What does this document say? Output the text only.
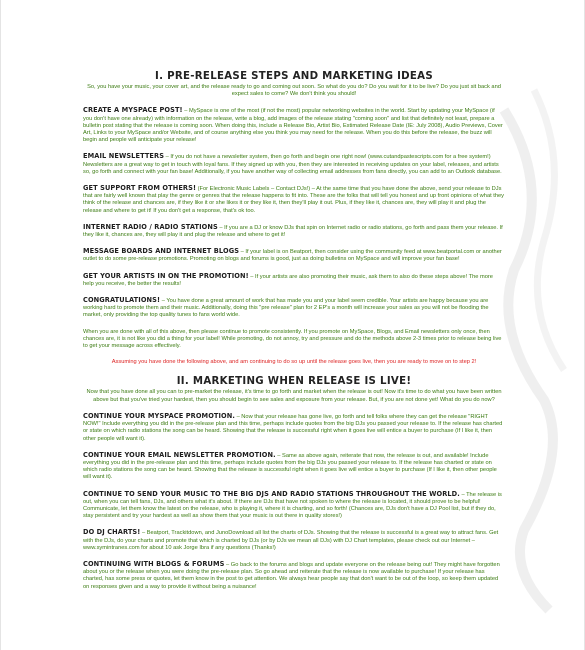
I. PRE-RELEASE STEPS AND MARKETING IDEAS
So, you have your music, your cover art, and the release ready to go and coming out soon. So what do you do? Do you wait for it to be live? Do you just sit back and expect sales to come? We don't think you should!
CREATE A MYSPACE POST! – MySpace is one of the most (if not the most) popular networking websites in the world. Start by updating your MySpace (if you don't have one already) with information on the release, write a blog, add images of the release stating "coming soon" and list that definitely not least, prepare a bulletin post stating that the release is coming soon. When doing this, include a Release Bio, Artist Bio, Estimated Release Date (IE: July 2008), Audio Previews, Cover Art, Links to your MySpace and/or Website, and of course anything else you think you may need for the release. When you do this before the release, the buzz will begin and people will anticipate your release!
EMAIL NEWSLETTERS – If you do not have a newsletter system, then go forth and begin one right now! (www.cutandpastescripts.com for a free system!) Newsletters are a great way to get in touch with loyal fans. If they signed up with you, then they are interested in receiving updates on your label, releases, and artists so, go forth and connect with your fan base! Additionally, if you have another way of collecting email addresses from fans directly, you can add to an Outlook database.
GET SUPPORT FROM OTHERS! (For Electronic Music Labels – Contact DJs!) – At the same time that you have done the above, send your release to DJs that are fairly well known that play the genre or genres that the release happens to fit into. These are the folks that will tell you honest and up front opinions of what they think of the release and chances are, if they like it or she likes it or they like it, then they'll play it out. Plus, if they like it, chances are, they will play it and plug the release and where to get it! If you don't get a response, that's ok too.
INTERNET RADIO / RADIO STATIONS – If you are a DJ or know DJs that spin on Internet radio or radio stations, go forth and pass them your release. If they like it, chances are, they will play it and plug the release and where to get it!
MESSAGE BOARDS AND INTERNET BLOGS – If your label is on Beatport, then consider using the community feed at www.beatportal.com or another outlet to do some pre-release promotions. Promoting on blogs and forums is good, just as doing bulletins on MySpace and will improve your fan base!
GET YOUR ARTISTS IN ON THE PROMOTION! – If your artists are also promoting their music, ask them to also do these steps above! The more help you receive, the better the results!
CONGRATULATIONS! – You have done a great amount of work that has made you and your label seem credible. Your artists are happy because you are working hard to promote them and their music. Additionally, doing this "pre release" plan for 2 EP's a month will increase your sales as you will not be flooding the market, only providing the top quality tunes to fans world wide.
When you are done with all of this above, then please continue to promote consistently. If you promote on MySpace, Blogs, and Email newsletters only once, then chances are, it is not like you did a thing for your label! While promoting, do not annoy, try and pressure and do the methods above 2-3 times prior to release being live to get your message across effectively.
Assuming you have done the following above, and am continuing to do so up until the release goes live, then you are ready to move on to step 2!
II. MARKETING WHEN RELEASE IS LIVE!
Now that you have done all you can to pre-market the release, it's time to go forth and market when the release is out! Now it's time to do what you have been written above but that you've tried your hardest, then you should begin to see sales and exposure from your release. But, if you are not done yet! What do you do now?
CONTINUE YOUR MYSPACE PROMOTION. – Now that your release has gone live, go forth and tell folks where they can get the release "RIGHT NOW!" Include everything you did in the pre-release plan and this time, perhaps include quotes from the big DJs you passed your release to. If the release has charted or state on which radio stations the song can be heard. Showing that the release is successful right when it goes live will entice a buyer to purchase (If I like it, then other people will want it).
CONTINUE YOUR EMAIL NEWSLETTER PROMOTION. – Same as above again, reiterate that now, the release is out, and available! Include everything you did in the pre-release plan and this time, perhaps include quotes from the big DJs you passed your release to. If the release has charted or state on which radio stations the song can be heard. Showing that the release is successful right when it goes live will entice a buyer to purchase (If I like it, then other people will want it).
CONTINUE TO SEND YOUR MUSIC TO THE BIG DJS AND RADIO STATIONS THROUGHOUT THE WORLD. – The release is out, when you can tell fans, DJs, and others what it's about. If there are DJs that have not spoken to where the release is located, it should prove to be helpful! Communicate, let them know the latest on the release, who is playing it, where it is charting, and so forth! (Chances are, DJs don't have a DJ Pool list, but if they do, stay persistent and try your hardest as well as show them that your music is out there in quality stores!)
DO DJ CHARTS! – Beatport, Trackitdown, and JunoDownload all list the charts of DJs. Showing that the release is successful is a great way to attract fans. Get with the DJs, do your charts and promote that which is charted by DJs (or by DJs we mean all DJs) with DJ Chart templates, please check out our Internet – www.symintranes.com for about 10 ask Jorge Ibra if any questions (Thanks!)
CONTINUING WITH BLOGS & FORUMS – Go back to the forums and blogs and update everyone on the release being out! They might have forgotten about you or the release when you were doing the pre-release plan. So go ahead and reiterate that the release is now available to purchase! If your release has charted, has some press or quotes, let them know in the post to get attention. We always hear people say that don't want to be out of the loop, so keep them updated on responses given and a way to provide it without being a nuisance!
